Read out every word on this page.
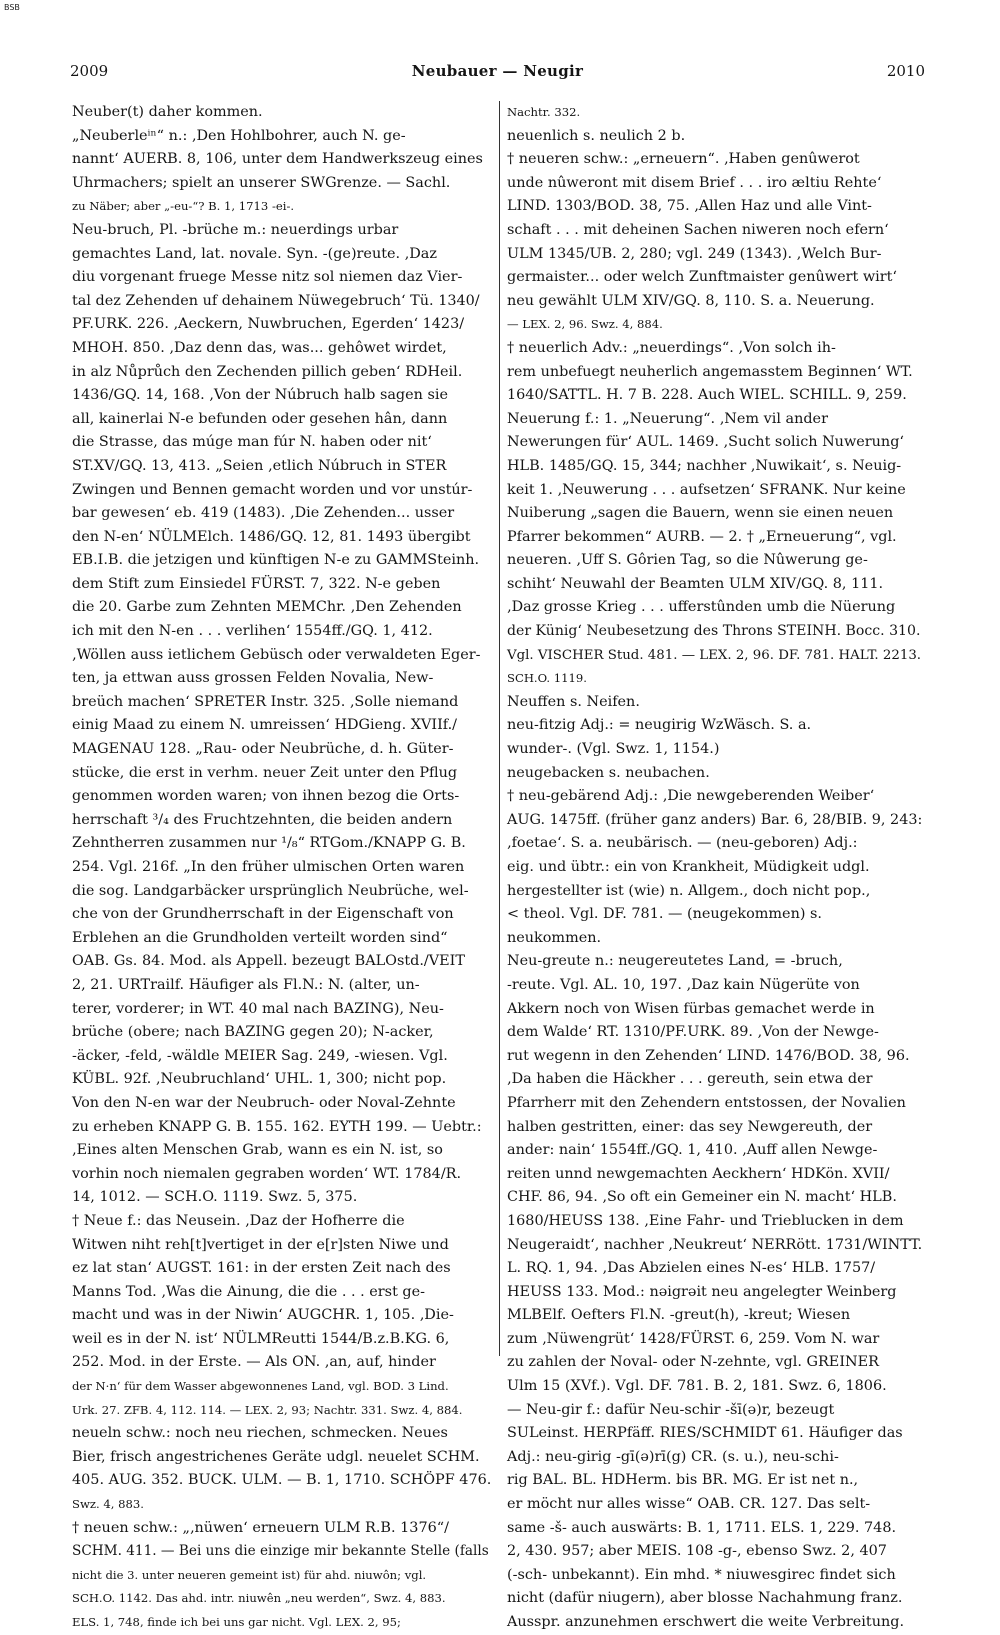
BSB
2009	Neubauer — Neugir	2010
Neuber(t) daher kommen.
„Neuberleⁱⁿ“ n.: ‚Den Hohlbohrer, auch N. ge-
nannt‘ AUERB. 8, 106, unter dem Handwerkszeug eines
Uhrmachers; spielt an unserer SWGrenze. — Sachl.
zu Näber; aber „-eu-“? B. 1, 1713 -ei-.
Neu-bruch, Pl. -brüche m.: neuerdings urbar
gemachtes Land, lat. novale. Syn. -(ge)reute. ‚Daz
diu vorgenant fruege Messe nitz sol niemen daz Vier-
tal dez Zehenden uf dehainem Nüwegebruch‘ Tü. 1340/
PF.URK. 226. ‚Aeckern, Nuwbruchen, Egerden‘ 1423/
MHOH. 850. ‚Daz denn das, was... gehôwet wirdet,
in alz Nůprůch den Zechenden pillich geben‘ RDHeil.
1436/GQ. 14, 168. ‚Von der Núbruch halb sagen sie
all, kainerlai N-e befunden oder gesehen hân, dann
die Strasse, das múge man fúr N. haben oder nit‘
ST.XV/GQ. 13, 413. „Seien ‚etlich Núbruch in STER
Zwingen und Bennen gemacht worden und vor unstúr-
bar gewesen‘ eb. 419 (1483). ‚Die Zehenden... usser
den N-en‘ NÜLMElch. 1486/GQ. 12, 81. 1493 übergibt
EB.I.B. die jetzigen und künftigen N-e zu GAMMSteinh.
dem Stift zum Einsiedel FÜRST. 7, 322. N-e geben
die 20. Garbe zum Zehnten MEMChr. ‚Den Zehenden
ich mit den N-en . . . verlihen‘ 1554ff./GQ. 1, 412.
‚Wöllen auss ietlichem Gebüsch oder verwaldeten Eger-
ten, ja ettwan auss grossen Felden Novalia, New-
breüch machen‘ SPRETER Instr. 325. ‚Solle niemand
einig Maad zu einem N. umreissen‘ HDGieng. XVIIf./
MAGENAU 128. „Rau- oder Neubrüche, d. h. Güter-
stücke, die erst in verhm. neuer Zeit unter den Pflug
genommen worden waren; von ihnen bezog die Orts-
herrschaft ³/₄ des Fruchtzehnten, die beiden andern
Zehntherren zusammen nur ¹/₈“ RTGom./KNAPP G. B.
254. Vgl. 216f. „In den früher ulmischen Orten waren
die sog. Landgarbäcker ursprünglich Neubrüche, wel-
che von der Grundherrschaft in der Eigenschaft von
Erblehen an die Grundholden verteilt worden sind“
OAB. Gs. 84. Mod. als Appell. bezeugt BALOstd./VEIT
2, 21. URTrailf. Häufiger als Fl.N.: N. (alter, un-
terer, vorderer; in WT. 40 mal nach BAZING), Neu-
brüche (obere; nach BAZING gegen 20); N-acker,
-äcker, -feld, -wäldle MEIER Sag. 249, -wiesen. Vgl.
KÜBL. 92f. ‚Neubruchland‘ UHL. 1, 300; nicht pop.
Von den N-en war der Neubruch- oder Noval-Zehnte
zu erheben KNAPP G. B. 155. 162. EYTH 199. — Uebtr.:
‚Eines alten Menschen Grab, wann es ein N. ist, so
vorhin noch niemalen gegraben worden‘ WT. 1784/R.
14, 1012. — SCH.O. 1119. Swz. 5, 375.
† Neue f.: das Neusein. ‚Daz der Hofherre die
Witwen niht reh[t]vertiget in der e[r]sten Niwe und
ez lat stan‘ AUGST. 161: in der ersten Zeit nach des
Manns Tod. ‚Was die Ainung, die die . . . erst ge-
macht und was in der Niwin‘ AUGCHR. 1, 105. ‚Die-
weil es in der N. ist‘ NÜLMReutti 1544/B.z.B.KG. 6,
252. Mod. in der Erste. — Als ON. ‚an, auf, hinder
der N·n‘ für dem Wasser abgewonnenes Land, vgl. BOD. 3 Lind.
Urk. 27. ZFB. 4, 112. 114. — LEX. 2, 93; Nachtr. 331. Swz. 4, 884.
neueln schw.: noch neu riechen, schmecken. Neues
Bier, frisch angestrichenes Geräte udgl. neuelet SCHM.
405. AUG. 352. BUCK. ULM. — B. 1, 1710. SCHÖPF 476.
Swz. 4, 883.
† neuen schw.: „‚nüwen‘ erneuern ULM R.B. 1376“/
SCHM. 411. — Bei uns die einzige mir bekannte Stelle (falls
nicht die 3. unter neueren gemeint ist) für ahd. niuwôn; vgl.
SCH.O. 1142. Das ahd. intr. niuwên „neu werden“, Swz. 4, 883.
ELS. 1, 748, finde ich bei uns gar nicht. Vgl. LEX. 2, 95;
Nachtr. 332.
neuenlich s. neulich 2 b.
† neueren schw.: „erneuern“. ‚Haben genûwerot
unde nûweront mit disem Brief . . . iro æltiu Rehte‘
LIND. 1303/BOD. 38, 75. ‚Allen Haz und alle Vint-
schaft . . . mit deheinen Sachen niweren noch efern‘
ULM 1345/UB. 2, 280; vgl. 249 (1343). ‚Welch Bur-
germaister... oder welch Zunftmaister genûwert wirt‘
neu gewählt ULM XIV/GQ. 8, 110. S. a. Neuerung.
— LEX. 2, 96. Swz. 4, 884.
† neuerlich Adv.: „neuerdings“. ‚Von solch ih-
rem unbefuegt neuherlich angemasstem Beginnen‘ WT.
1640/SATTL. H. 7 B. 228. Auch WIEL. SCHILL. 9, 259.
Neuerung f.: 1. „Neuerung“. ‚Nem vil ander
Newerungen für‘ AUL. 1469. ‚Sucht solich Nuwerung‘
HLB. 1485/GQ. 15, 344; nachher ‚Nuwikait‘, s. Neuig-
keit 1. ‚Neuwerung . . . aufsetzen‘ SFRANK. Nur keine
Nuiberung „sagen die Bauern, wenn sie einen neuen
Pfarrer bekommen“ AURB. — 2. † „Erneuerung“, vgl.
neueren. ‚Uff S. Gôrien Tag, so die Nûwerung ge-
schiht‘ Neuwahl der Beamten ULM XIV/GQ. 8, 111.
‚Daz grosse Krieg . . . ufferstûnden umb die Nüerung
der Künig‘ Neubesetzung des Throns STEINH. Bocc. 310.
Vgl. VISCHER Stud. 481. — LEX. 2, 96. DF. 781. HALT. 2213.
SCH.O. 1119.
Neuffen s. Neifen.
neu-fitzig Adj.: = neugirig WzWäsch. S. a.
wunder-. (Vgl. Swz. 1, 1154.)
neugebacken s. neubachen.
† neu-gebärend Adj.: ‚Die newgeberenden Weiber‘
AUG. 1475ff. (früher ganz anders) Bar. 6, 28/BIB. 9, 243:
‚foetae‘. S. a. neubärisch. — (neu-geboren) Adj.:
eig. und übtr.: ein von Krankheit, Müdigkeit udgl.
hergestellter ist (wie) n. Allgem., doch nicht pop.,
< theol. Vgl. DF. 781. — (neugekommen) s.
neukommen.
Neu-greute n.: neugereutetes Land, = -bruch,
-reute. Vgl. AL. 10, 197. ‚Daz kain Nügerüte von
Akkern noch von Wisen fürbas gemachet werde in
dem Walde‘ RT. 1310/PF.URK. 89. ‚Von der Newge-
rut wegenn in den Zehenden‘ LIND. 1476/BOD. 38, 96.
‚Da haben die Häckher . . . gereuth, sein etwa der
Pfarrherr mit den Zehendern entstossen, der Novalien
halben gestritten, einer: das sey Newgereuth, der
ander: nain‘ 1554ff./GQ. 1, 410. ‚Auff allen Newge-
reiten unnd newgemachten Aeckhern‘ HDKön. XVII/
CHF. 86, 94. ‚So oft ein Gemeiner ein N. macht‘ HLB.
1680/HEUSS 138. ‚Eine Fahr- und Trieblucken in dem
Neugeraidt‘, nachher ‚Neukreut‘ NERRött. 1731/WINTT.
L. RQ. 1, 94. ‚Das Abzielen eines N-es‘ HLB. 1757/
HEUSS 133. Mod.: nəigrəit neu angelegter Weinberg
MLBElf. Oefters Fl.N. -greut(h), -kreut; Wiesen
zum ‚Nüwengrüt‘ 1428/FÜRST. 6, 259. Vom N. war
zu zahlen der Noval- oder N-zehnte, vgl. GREINER
Ulm 15 (XVf.). Vgl. DF. 781. B. 2, 181. Swz. 6, 1806.
— Neu-gir f.: dafür Neu-schir -šī(ə)r, bezeugt
SULeinst. HERPfäff. RIES/SCHMIDT 61. Häufiger das
Adj.: neu-girig -gī(ə)rī(g) CR. (s. u.), neu-schi-
rig BAL. BL. HDHerm. bis BR. MG. Er ist net n.,
er möcht nur alles wisse“ OAB. CR. 127. Das selt-
same -š- auch auswärts: B. 1, 1711. ELS. 1, 229. 748.
2, 430. 957; aber MEIS. 108 -g-, ebenso Swz. 2, 407
(-sch- unbekannt). Ein mhd. * niuwesgirec findet sich
nicht (dafür niugern), aber blosse Nachahmung franz.
Ausspr. anzunehmen erschwert die weite Verbreitung.
